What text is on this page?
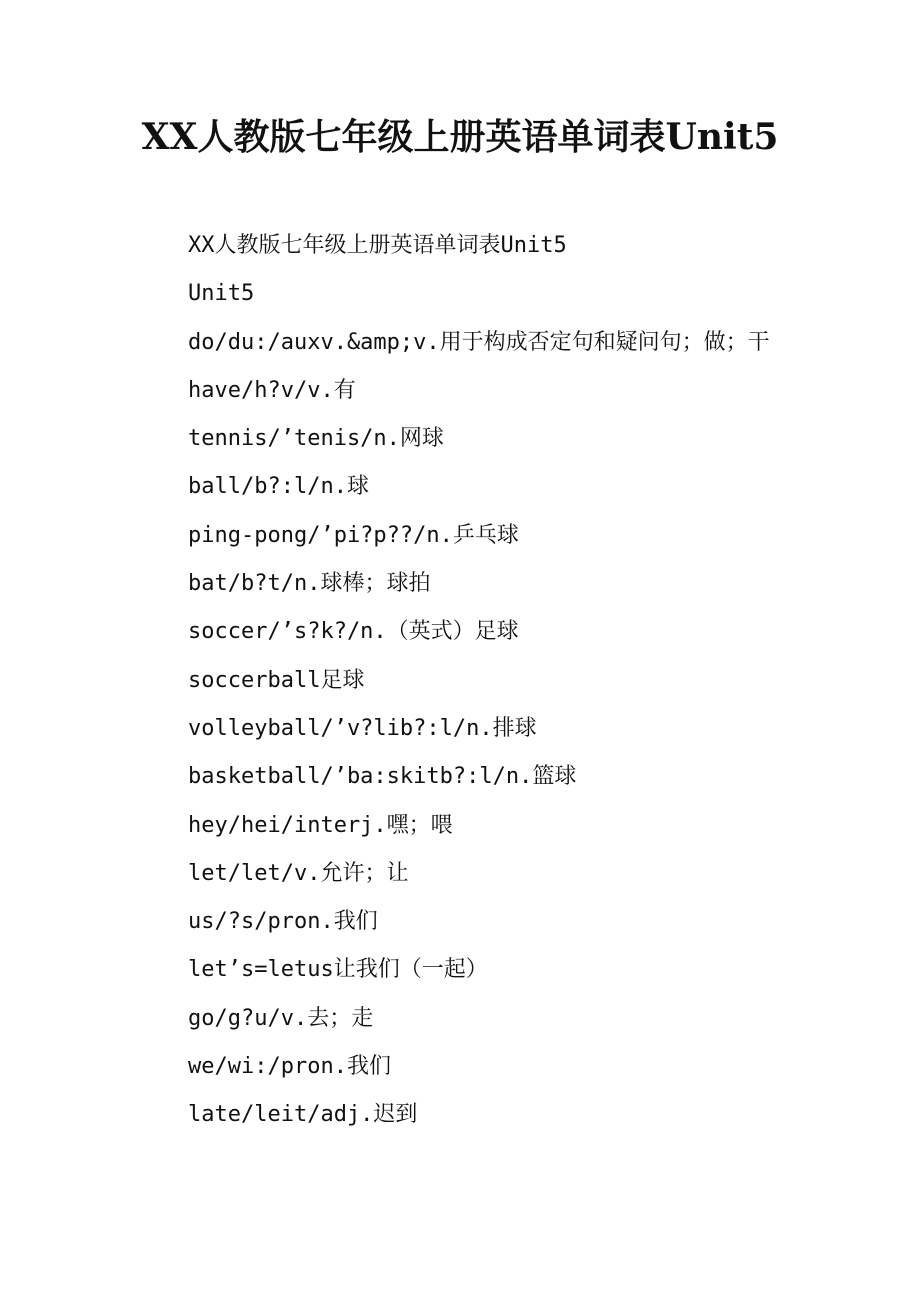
XX人教版七年级上册英语单词表Unit5

XX人教版七年级上册英语单词表Unit5

Unit5

do/du:/auxv.&amp;v.用于构成否定句和疑问句；做；干

have/h?v/v.有

tennis/’tenis/n.网球

ball/b?:l/n.球

ping-pong/’pi?p??/n.乒乓球

bat/b?t/n.球棒；球拍

soccer/’s?k?/n.（英式）足球

soccerball足球

volleyball/’v?lib?:l/n.排球

basketball/’ba:skitb?:l/n.篮球

hey/hei/interj.嘿；喂

let/let/v.允许；让

us/?s/pron.我们

let’s=letus让我们（一起）

go/g?u/v.去；走

we/wi:/pron.我们

late/leit/adj.迟到
